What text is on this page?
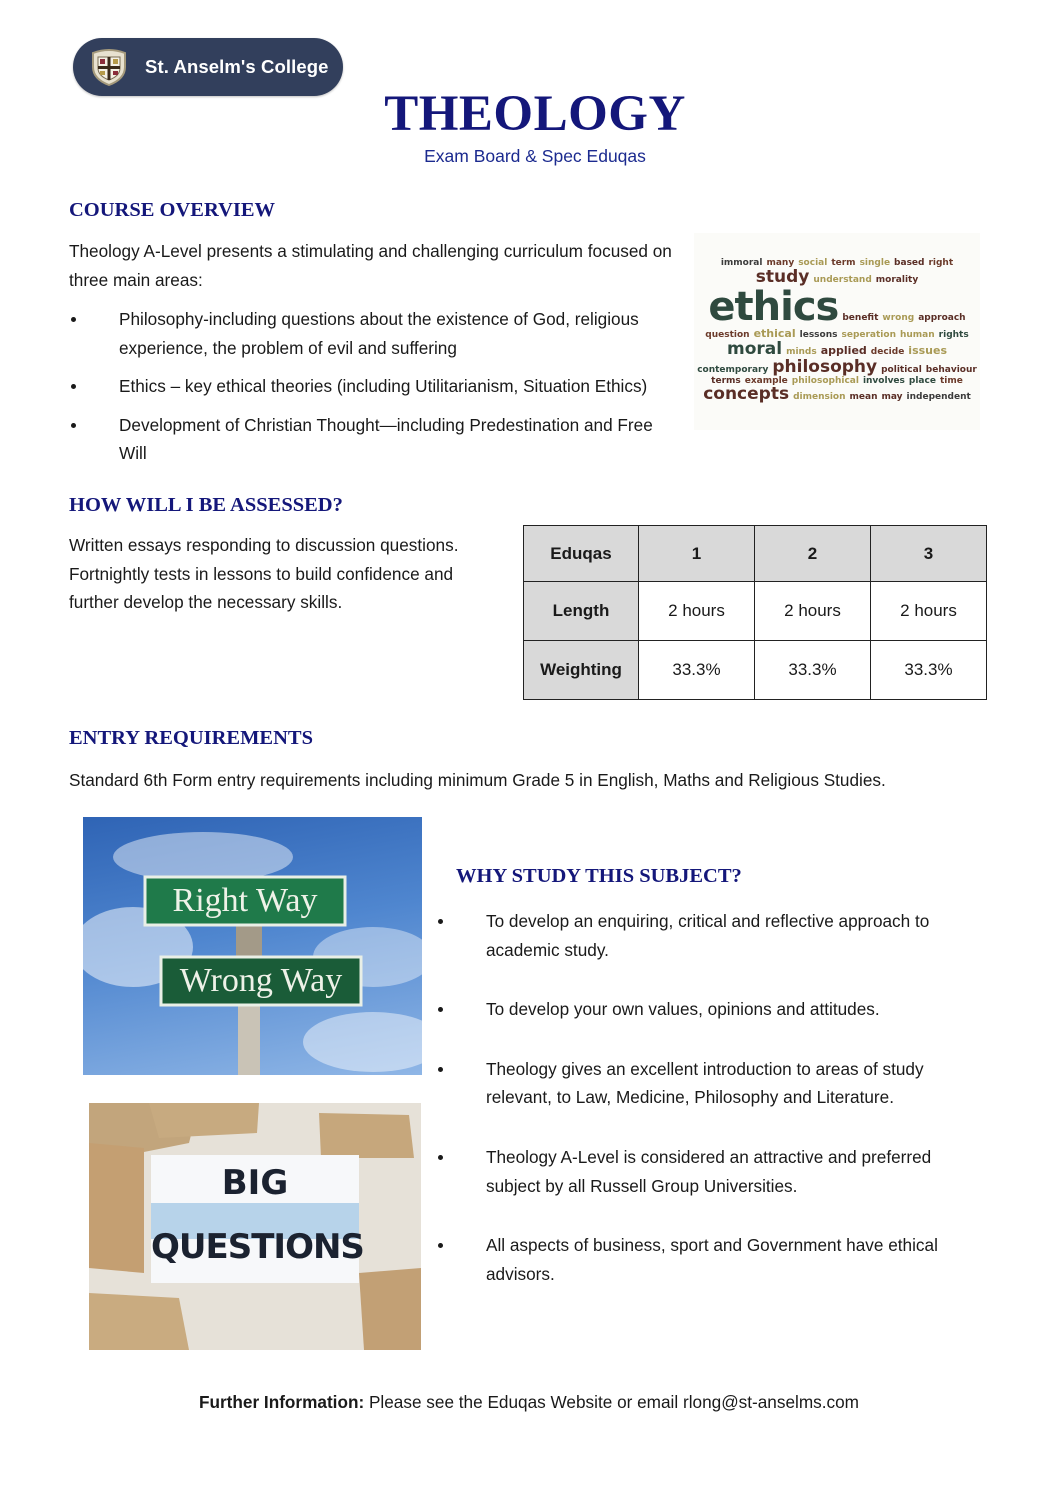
St. Anselm's College
THEOLOGY
Exam Board & Spec Eduqas
COURSE OVERVIEW
Theology A-Level presents a stimulating and challenging curriculum focused on three main areas:
Philosophy-including questions about the existence of God, religious experience, the problem of evil and suffering
Ethics – key ethical theories (including Utilitarianism, Situation Ethics)
Development of Christian Thought—including Predestination and Free Will
immoral many social term single based right
study understand morality
ethics benefit wrong approach
question ethical lessons seperation human rights
moral minds applied decide issues
contemporary philosophy political behaviour
terms example philosophical involves place time
concepts dimension mean may independent
HOW WILL I BE ASSESSED?
Written essays responding to discussion questions. Fortnightly tests in lessons to build confidence and further develop the necessary skills.
Eduqas	1	2	3
Length	2 hours	2 hours	2 hours
Weighting	33.3%	33.3%	33.3%
ENTRY REQUIREMENTS
Standard 6th Form entry requirements including minimum Grade 5 in English, Maths and Religious Studies.
Right Way
Wrong Way
BIG
QUESTIONS
WHY STUDY THIS SUBJECT?
To develop an enquiring, critical and reflective approach to academic study.
To develop your own values, opinions and attitudes.
Theology gives an excellent introduction to areas of study relevant, to Law, Medicine, Philosophy and Literature.
Theology A-Level is considered an attractive and preferred subject by all Russell Group Universities.
All aspects of business, sport and Government have ethical advisors.
Further Information: Please see the Eduqas Website or email rlong@st-anselms.com
